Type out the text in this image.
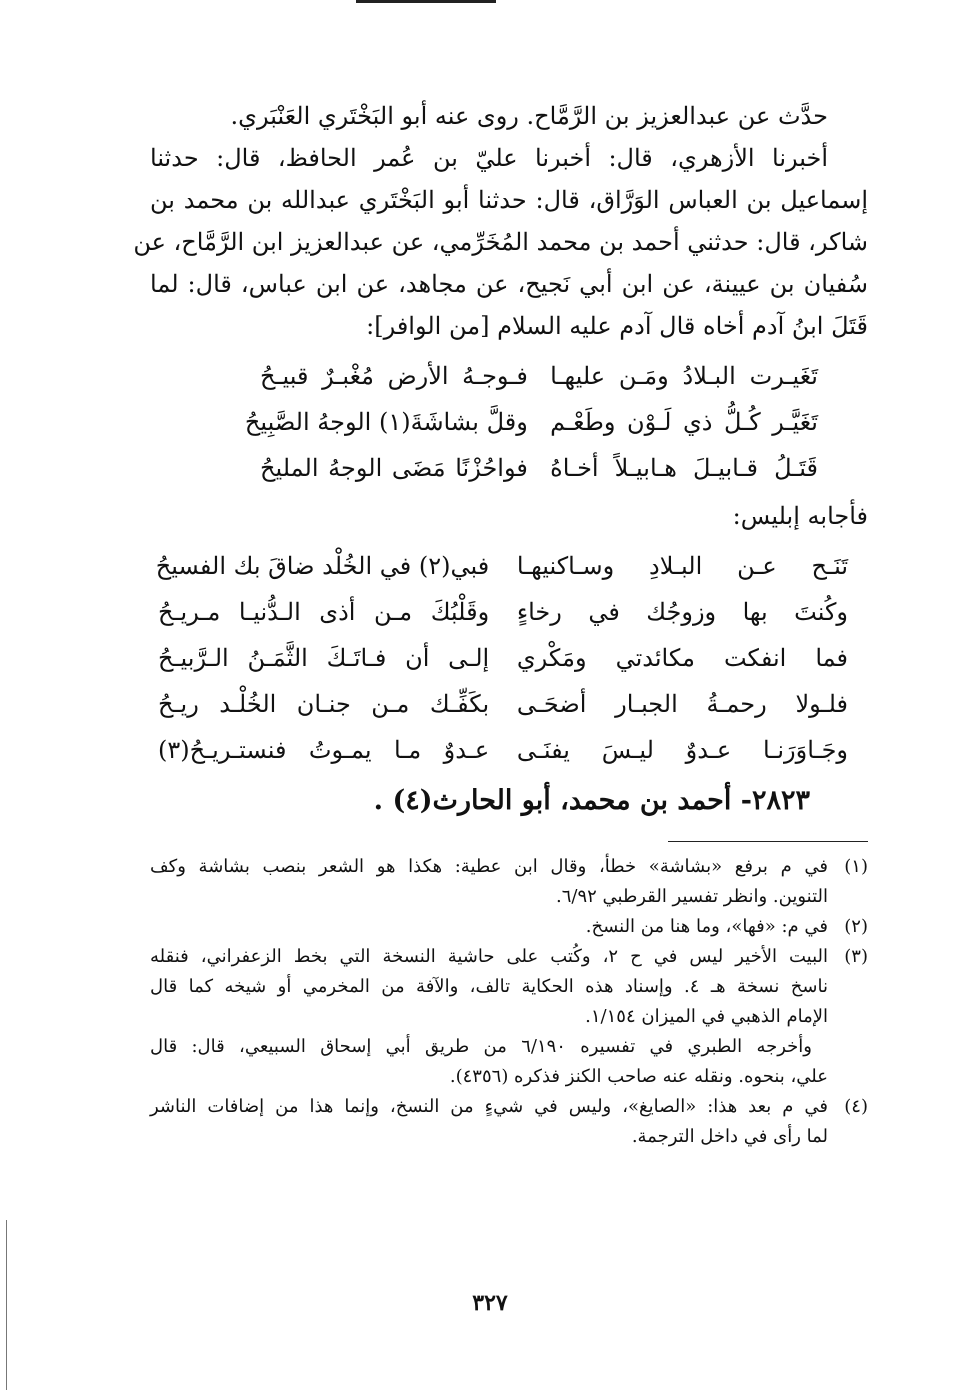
حدَّث عن عبدالعزيز بن الرَّمَّاح. روى عنه أبو البَخْتَري العَنْبَري.
أخبرنا الأزهري، قال: أخبرنا عليّ بن عُمر الحافظ، قال: حدثنا
إسماعيل بن العباس الوَرَّاق، قال: حدثنا أبو البَخْتَري عبدالله بن محمد بن
شاكر، قال: حدثني أحمد بن محمد المُخَرِّمي، عن عبدالعزيز ابن الرَّمَّاح، عن
سُفيان بن عيينة، عن ابن أبي نَجيح، عن مجاهد، عن ابن عباس، قال: لما
قَتَلَ ابنُ آدم أخاه قال آدم عليه السلام [من الوافر]:
تَغَيـرت البـلادُ ومَـن عليهـا
فـوجـهُ الأرض مُغْبـرٌ قبيـحُ
تَغَيَّـر كُـلُّ ذي لَـوْن وطَعْـم
وقلَّ بشاشَةَ(١) الوجهُ الصَّبِيحُ
قَتَـلُ قـابيـلَ هـابيـلاً أخـاهُ
فواحُزْنًا مَضَى الوجهُ المليحُ
فأجابه إبليس:
تَنَـح عـن البـلادِ وسـاكنيهـا
فبي(٢) في الخُلْد ضاقَ بك الفسيحُ
وكُنتَ بها وزوجُك في رخاءٍ
وقَلْبُكَ مـن أذى الـدُّنيـا مـريـحُ
فما انفكت مكائدتي ومَكْري
إلـى أن فـاتَـكَ الثَّمَـنُ الـرَّبيـحُ
فلـولا رحمـةُ الجبـار أضحَـى
بكَفِّـك مـن جنـان الخُلْـد ريـحُ
وجَـاوَرَنـا عـدوٌ ليـسَ يفنَـى
عـدوٌ مـا يمـوتُ فنستـريـحُ(٣)
٢٨٢٣- أحمد بن محمد، أبو الحارث(٤) .
(١)
في م برفع «بشاشة» خطأ، وقال ابن عطية: هكذا هو الشعر بنصب بشاشة وكف
التنوين. وانظر تفسير القرطبي ٦/٩٢.
(٢)
في م: «فها»، وما هنا من النسخ.
(٣)
البيت الأخير ليس في ح ٢، وكُتب على حاشية النسخة التي بخط الزعفراني، فنقله
ناسخ نسخة هـ ٤. وإسناد هذه الحكاية تالف، والآفة من المخرمي أو شيخه كما قال
الإمام الذهبي في الميزان ١/١٥٤.
وأخرجه الطبري في تفسيره ٦/١٩٠ من طريق أبي إسحاق السبيعي، قال: قال
علي، بنحوه. ونقله عنه صاحب الكنز فذكره (٤٣٥٦).
(٤)
في م بعد هذا: «الصايغ»، وليس في شيءٍ من النسخ، وإنما هذا من إضافات الناشر
لما رأى في داخل الترجمة.
٣٢٧
